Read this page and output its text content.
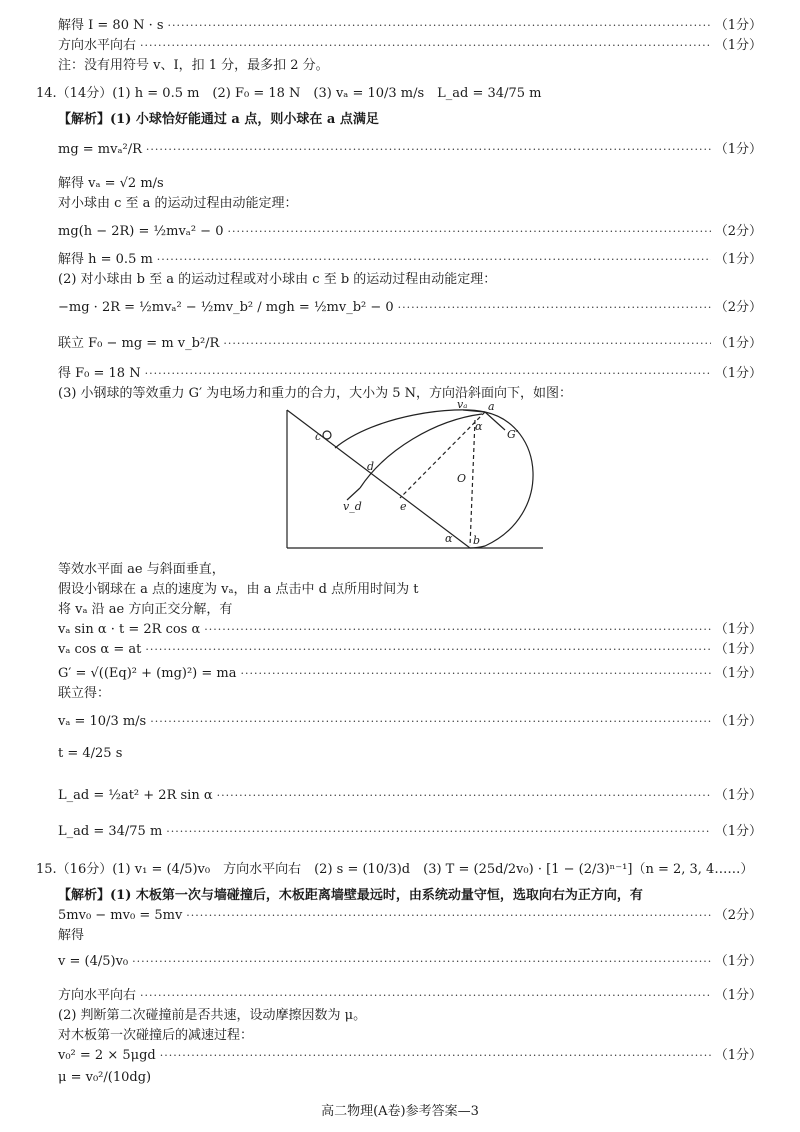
解得 I = 80 N · s ·····	（1分）
方向水平向右 ·····	（1分）
注：没有用符号 v、I，扣 1 分，最多扣 2 分。
14.（14分）(1) h = 0.5 m　(2) F₀ = 18 N　(3) vₐ = 10/3 m/s　L_ad = 34/75 m
【解析】(1) 小球恰好能通过 a 点，则小球在 a 点满足
mg = mvₐ²/R ·····	（1分）
解得 vₐ = √2 m/s
对小球由 c 至 a 的运动过程由动能定理：
mg(h − 2R) = ½mvₐ² − 0 ·····	（2分）
解得 h = 0.5 m ·····	（1分）
(2) 对小球由 b 至 a 的运动过程或对小球由 c 至 b 的运动过程由动能定理：
−mg · 2R = ½mvₐ² − ½mv_b² / mgh = ½mv_b² − 0 ·····	（2分）
联立 F₀ − mg = m v_b²/R ·····	（1分）
得 F₀ = 18 N ·····	（1分）
(3) 小钢球的等效重力 G′ 为电场力和重力的合力，大小为 5 N，方向沿斜面向下，如图：
a
vₐ
α
G′
c
d
O
v_d	e
α b
等效水平面 ae 与斜面垂直，
假设小钢球在 a 点的速度为 vₐ，由 a 点击中 d 点所用时间为 t
将 vₐ 沿 ae 方向正交分解，有
vₐ sin α · t = 2R cos α ·····	（1分）
vₐ cos α = at ·····	（1分）
G′ = √((Eq)² + (mg)²) = ma ·····	（1分）
联立得：
vₐ = 10/3 m/s ·····	（1分）
t = 4/25 s
L_ad = ½at² + 2R sin α ·····	（1分）
L_ad = 34/75 m ·····	（1分）
15.（16分）(1) v₁ = (4/5)v₀　方向水平向右　(2) s = (10/3)d　(3) T = (25d/2v₀) · [1 − (2/3)ⁿ⁻¹]（n = 2, 3, 4……）
【解析】(1) 木板第一次与墙碰撞后，木板距离墙壁最远时，由系统动量守恒，选取向右为正方向，有
5mv₀ − mv₀ = 5mv ·····	（2分）
解得
v = (4/5)v₀ ·····	（1分）
方向水平向右 ·····	（1分）
(2) 判断第二次碰撞前是否共速，设动摩擦因数为 μ。
对木板第一次碰撞后的减速过程：
v₀² = 2 × 5μgd ·····	（1分）
μ = v₀²/(10dg)
高二物理(A卷)参考答案—3
